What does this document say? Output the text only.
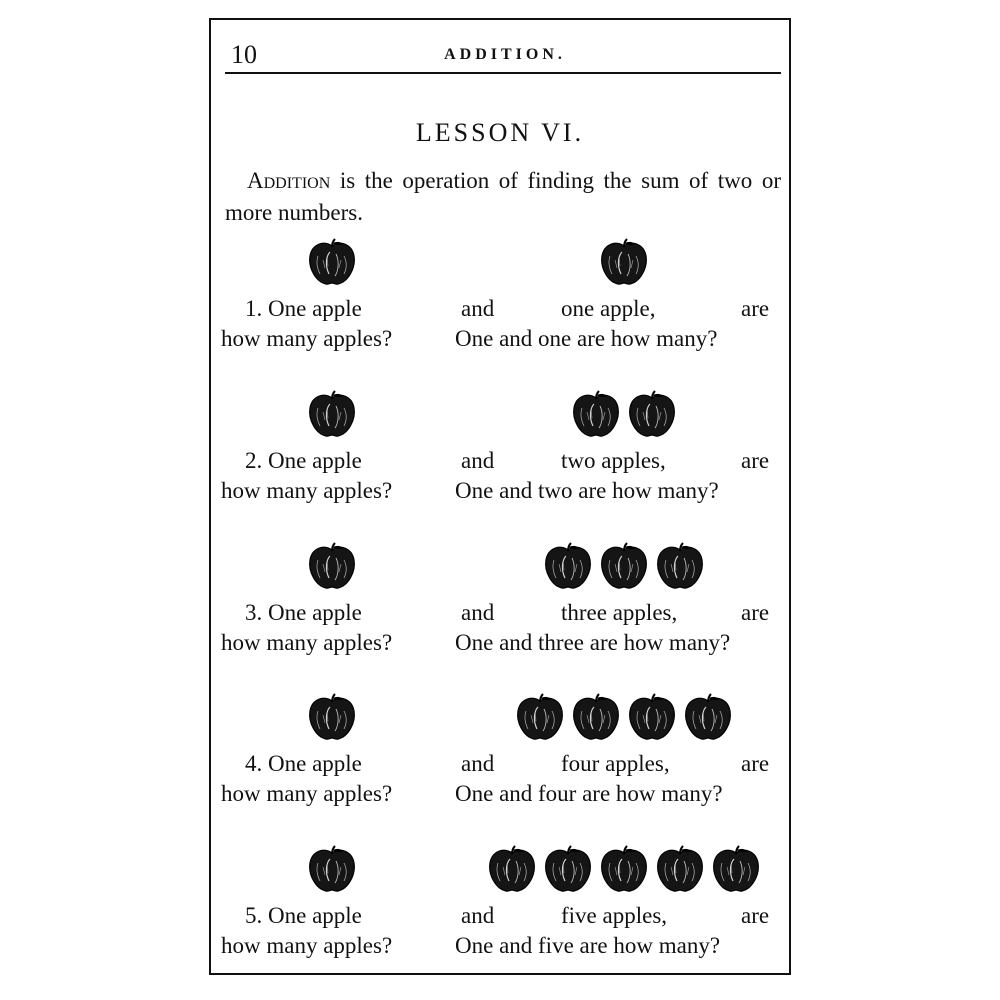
10	ADDITION.
LESSON VI.
Addition is the operation of finding the sum of two or more numbers.
1. One apple	and	one apple,	are
how many apples?	One and one are how many?
2. One apple	and	two apples,	are
how many apples?	One and two are how many?
3. One apple	and	three apples,	are
how many apples?	One and three are how many?
4. One apple	and	four apples,	are
how many apples?	One and four are how many?
5. One apple	and	five apples,	are
how many apples?	One and five are how many?
